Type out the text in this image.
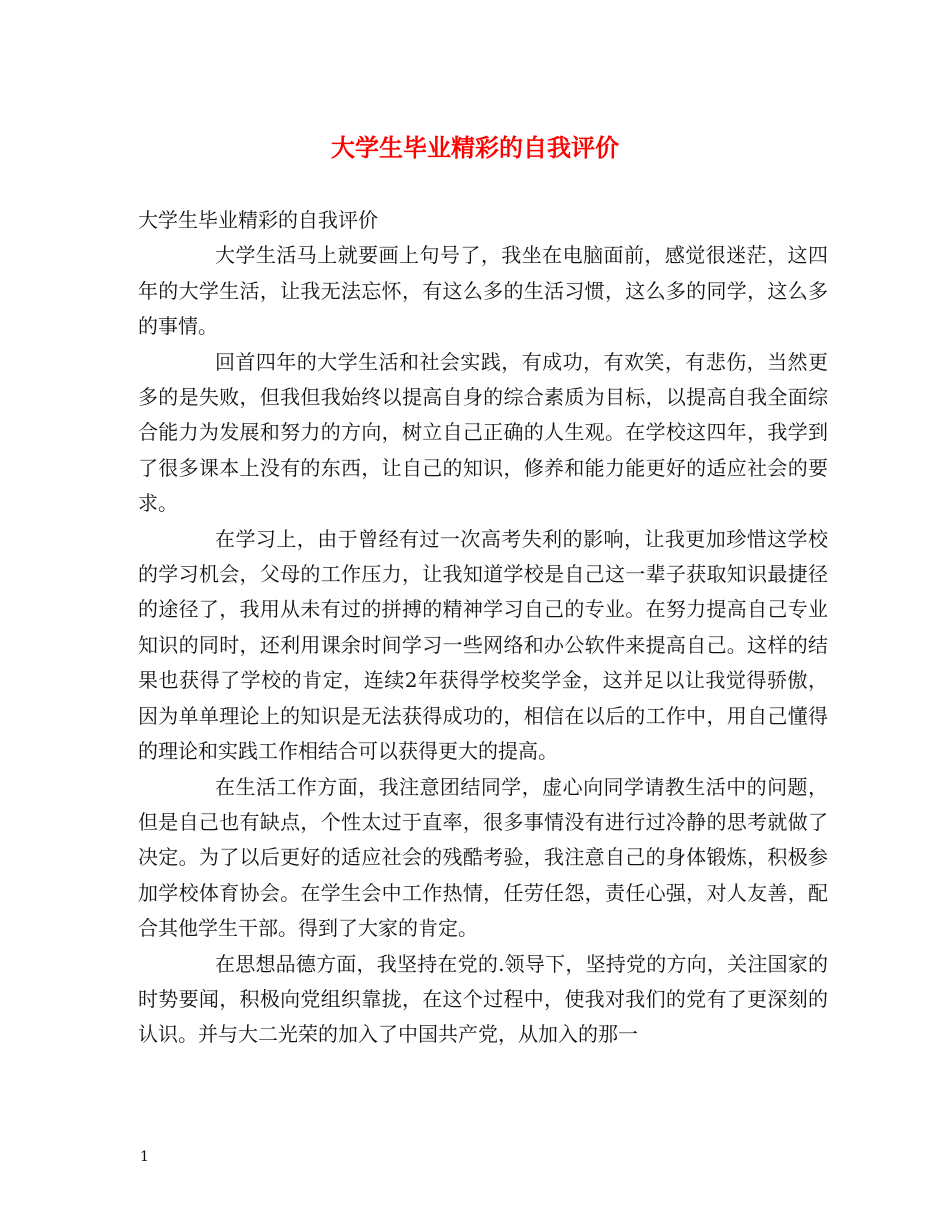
大学生毕业精彩的自我评价

大学生毕业精彩的自我评价

大学生活马上就要画上句号了，我坐在电脑面前，感觉很迷茫，这四年的大学生活，让我无法忘怀，有这么多的生活习惯，这么多的同学，这么多的事情。

回首四年的大学生活和社会实践，有成功，有欢笑，有悲伤，当然更多的是失败，但我但我始终以提高自身的综合素质为目标，以提高自我全面综合能力为发展和努力的方向，树立自己正确的人生观。在学校这四年，我学到了很多课本上没有的东西，让自己的知识，修养和能力能更好的适应社会的要求。

在学习上，由于曾经有过一次高考失利的影响，让我更加珍惜这学校的学习机会，父母的工作压力，让我知道学校是自己这一辈子获取知识最捷径的途径了，我用从未有过的拼搏的精神学习自己的专业。在努力提高自己专业知识的同时，还利用课余时间学习一些网络和办公软件来提高自己。这样的结果也获得了学校的肯定，连续2年获得学校奖学金，这并足以让我觉得骄傲，因为单单理论上的知识是无法获得成功的，相信在以后的工作中，用自己懂得的理论和实践工作相结合可以获得更大的提高。

在生活工作方面，我注意团结同学，虚心向同学请教生活中的问题，但是自己也有缺点，个性太过于直率，很多事情没有进行过冷静的思考就做了决定。为了以后更好的适应社会的残酷考验，我注意自己的身体锻炼，积极参加学校体育协会。在学生会中工作热情，任劳任怨，责任心强，对人友善，配合其他学生干部。得到了大家的肯定。

在思想品德方面，我坚持在党的.领导下，坚持党的方向，关注国家的时势要闻，积极向党组织靠拢，在这个过程中，使我对我们的党有了更深刻的认识。并与大二光荣的加入了中国共产党，从加入的那一

1
